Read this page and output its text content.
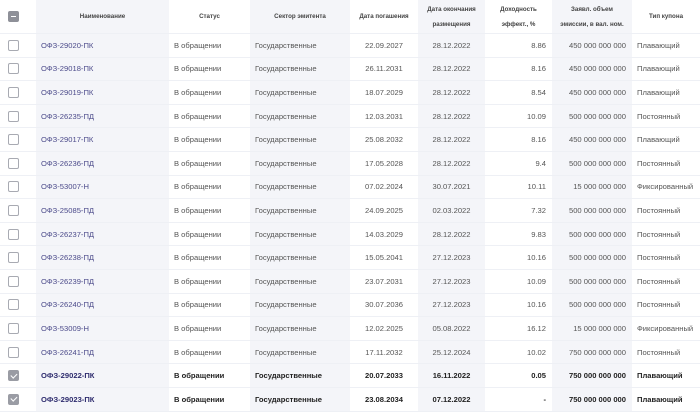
	Наименование	Статус	Сектор эмитента	Дата погашения	Дата окончания размещения	Доходность эффект., %	Заявл. объем эмиссии, в вал. ном.	Тип купона
	ОФЗ-29020-ПК	В обращении	Государственные	22.09.2027	28.12.2022	8.86	450 000 000 000	Плавающий
	ОФЗ-29018-ПК	В обращении	Государственные	26.11.2031	28.12.2022	8.16	450 000 000 000	Плавающий
	ОФЗ-29019-ПК	В обращении	Государственные	18.07.2029	28.12.2022	8.54	450 000 000 000	Плавающий
	ОФЗ-26235-ПД	В обращении	Государственные	12.03.2031	28.12.2022	10.09	500 000 000 000	Постоянный
	ОФЗ-29017-ПК	В обращении	Государственные	25.08.2032	28.12.2022	8.16	450 000 000 000	Плавающий
	ОФЗ-26236-ПД	В обращении	Государственные	17.05.2028	28.12.2022	9.4	500 000 000 000	Постоянный
	ОФЗ-53007-Н	В обращении	Государственные	07.02.2024	30.07.2021	10.11	15 000 000 000	Фиксированный
	ОФЗ-25085-ПД	В обращении	Государственные	24.09.2025	02.03.2022	7.32	500 000 000 000	Постоянный
	ОФЗ-26237-ПД	В обращении	Государственные	14.03.2029	28.12.2022	9.83	500 000 000 000	Постоянный
	ОФЗ-26238-ПД	В обращении	Государственные	15.05.2041	27.12.2023	10.16	500 000 000 000	Постоянный
	ОФЗ-26239-ПД	В обращении	Государственные	23.07.2031	27.12.2023	10.09	500 000 000 000	Постоянный
	ОФЗ-26240-ПД	В обращении	Государственные	30.07.2036	27.12.2023	10.16	500 000 000 000	Постоянный
	ОФЗ-53009-Н	В обращении	Государственные	12.02.2025	05.08.2022	16.12	15 000 000 000	Фиксированный
	ОФЗ-26241-ПД	В обращении	Государственные	17.11.2032	25.12.2024	10.02	750 000 000 000	Постоянный
	ОФЗ-29022-ПК	В обращении	Государственные	20.07.2033	16.11.2022	0.05	750 000 000 000	Плавающий
	ОФЗ-29023-ПК	В обращении	Государственные	23.08.2034	07.12.2022	-	750 000 000 000	Плавающий
